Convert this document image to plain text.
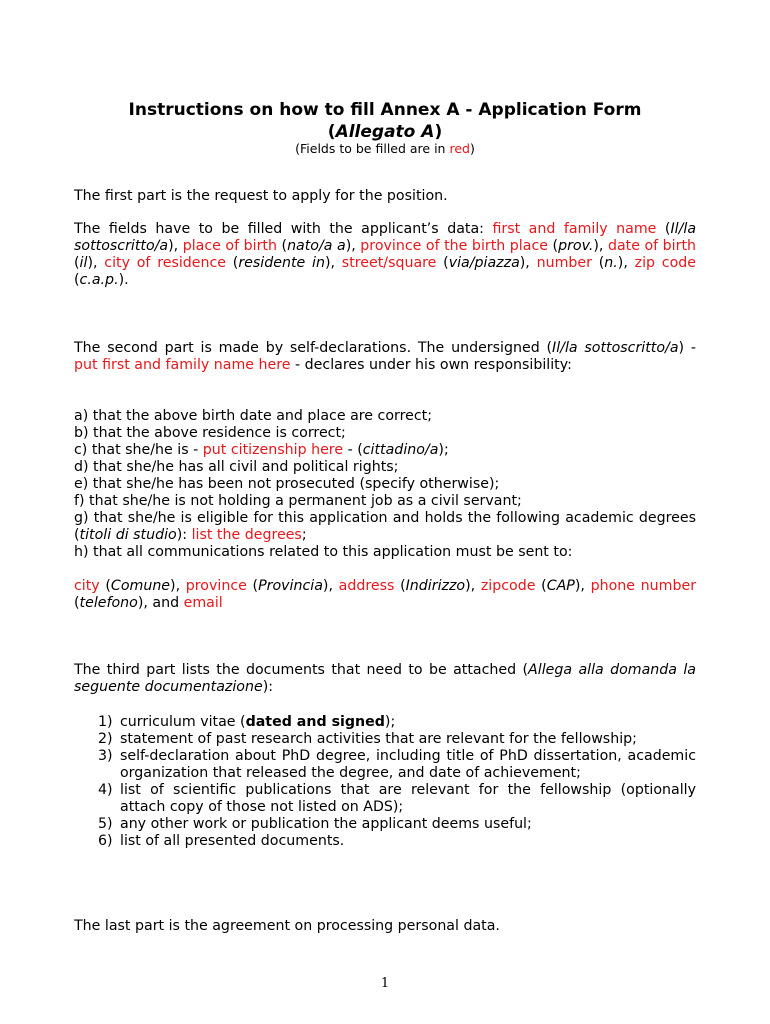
Instructions on how to fill Annex A - Application Form
(Allegato A)
(Fields to be filled are in red)
The first part is the request to apply for the position.
The fields have to be filled with the applicant’s data: first and family name (Il/la sottoscritto/a), place of birth (nato/a a), province of the birth place (prov.), date of birth (il), city of residence (residente in), street/square (via/piazza), number (n.), zip code (c.a.p.).
The second part is made by self-declarations. The undersigned (Il/la sottoscritto/a) - put first and family name here - declares under his own responsibility:
a) that the above birth date and place are correct;
b) that the above residence is correct;
c) that she/he is - put citizenship here - (cittadino/a);
d) that she/he has all civil and political rights;
e) that she/he has been not prosecuted (specify otherwise);
f) that she/he is not holding a permanent job as a civil servant;
g) that she/he is eligible for this application and holds the following academic degrees (titoli di studio): list the degrees;
h) that all communications related to this application must be sent to:
city (Comune), province (Provincia), address (Indirizzo), zipcode (CAP), phone number (telefono), and email
The third part lists the documents that need to be attached (Allega alla domanda la seguente documentazione):
1) curriculum vitae (dated and signed);
2) statement of past research activities that are relevant for the fellowship;
3) self-declaration about PhD degree, including title of PhD dissertation, academic organization that released the degree, and date of achievement;
4) list of scientific publications that are relevant for the fellowship (optionally attach copy of those not listed on ADS);
5) any other work or publication the applicant deems useful;
6) list of all presented documents.
The last part is the agreement on processing personal data.
1
